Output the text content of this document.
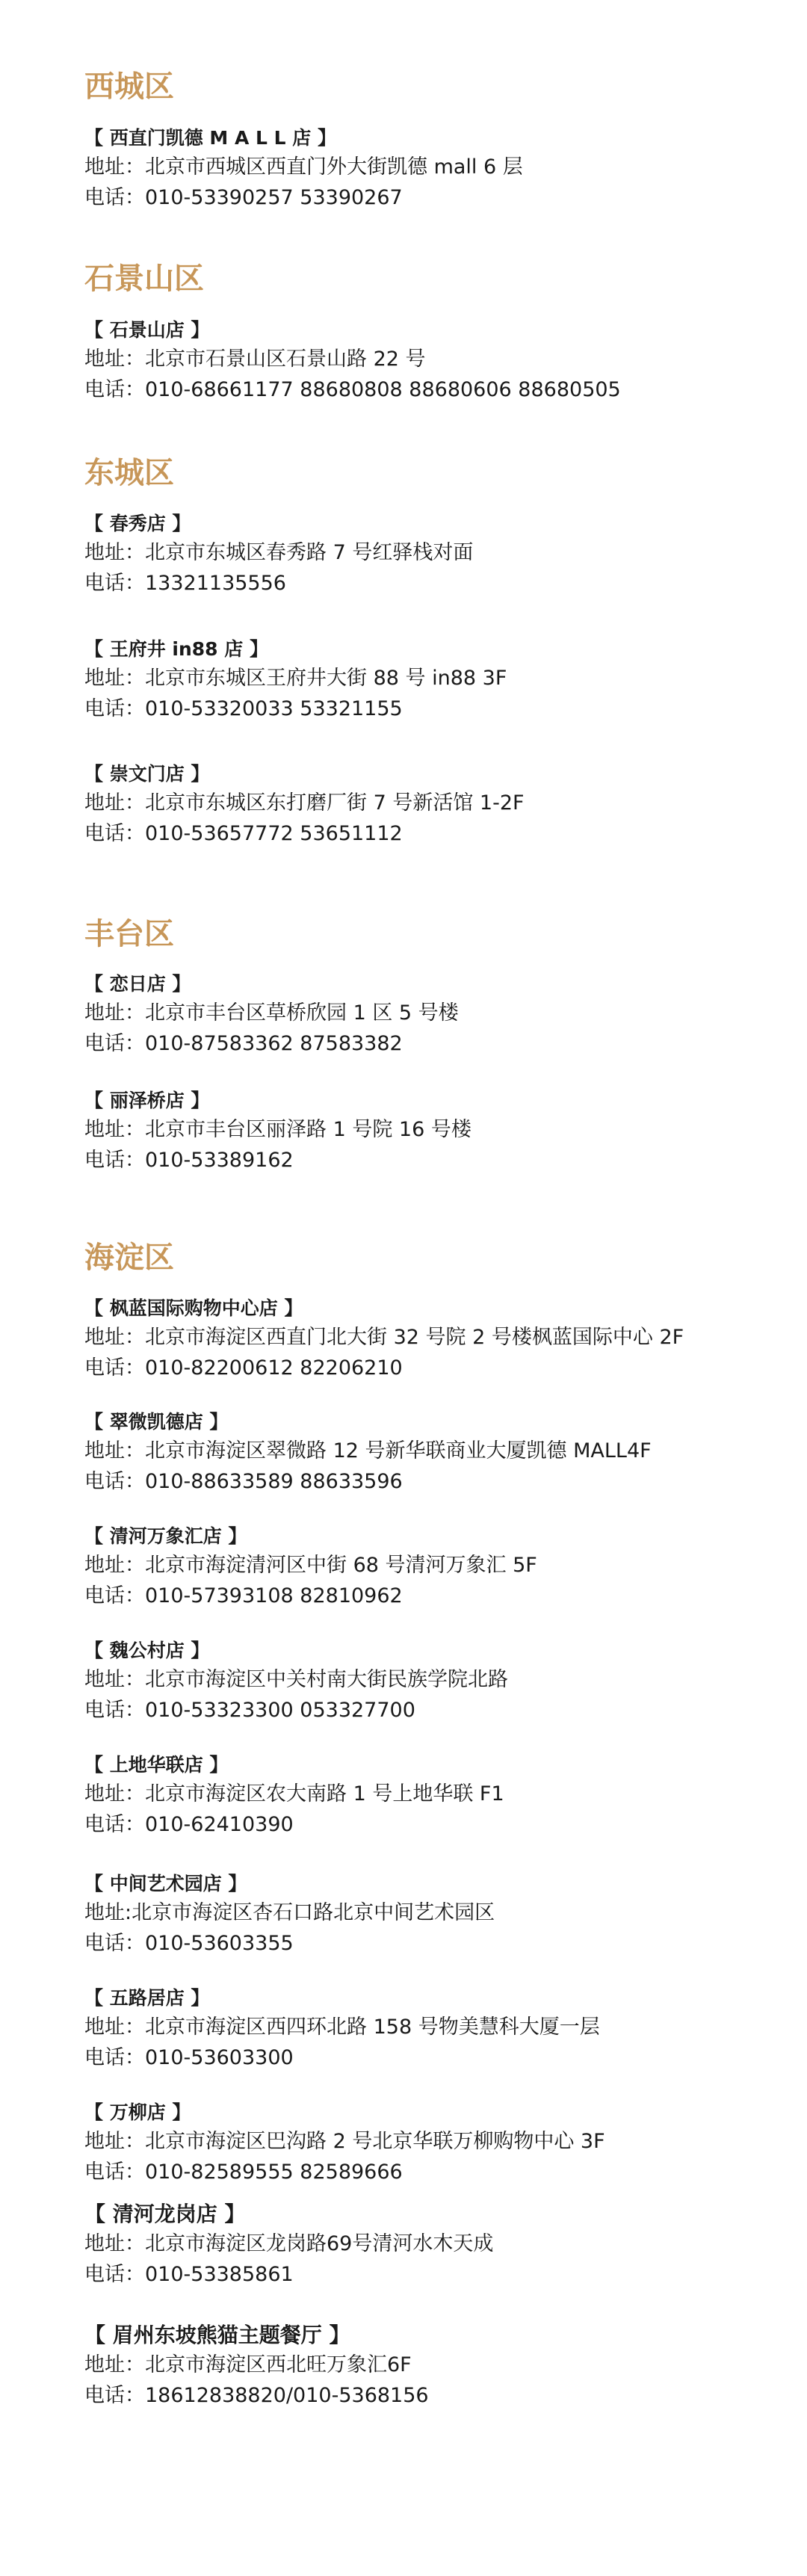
西城区
【 西直门凯德 M A L L 店 】
地址：北京市西城区西直门外大街凯德 mall 6 层
电话：010-53390257 53390267
石景山区
【 石景山店 】
地址：北京市石景山区石景山路 22 号
电话：010-68661177 88680808 88680606 88680505
东城区
【 春秀店 】
地址：北京市东城区春秀路 7 号红驿栈对面
电话：13321135556
【 王府井 in88 店 】
地址：北京市东城区王府井大街 88 号 in88 3F
电话：010-53320033 53321155
【 崇文门店 】
地址：北京市东城区东打磨厂街 7 号新活馆 1-2F
电话：010-53657772 53651112
丰台区
【 恋日店 】
地址：北京市丰台区草桥欣园 1 区 5 号楼
电话：010-87583362 87583382
【 丽泽桥店 】
地址：北京市丰台区丽泽路 1 号院 16 号楼
电话：010-53389162
海淀区
【 枫蓝国际购物中心店 】
地址：北京市海淀区西直门北大街 32 号院 2 号楼枫蓝国际中心 2F
电话：010-82200612 82206210
【 翠微凯德店 】
地址：北京市海淀区翠微路 12 号新华联商业大厦凯德 MALL4F
电话：010-88633589 88633596
【 清河万象汇店 】
地址：北京市海淀清河区中街 68 号清河万象汇 5F
电话：010-57393108 82810962
【 魏公村店 】
地址：北京市海淀区中关村南大街民族学院北路
电话：010-53323300 053327700
【 上地华联店 】
地址：北京市海淀区农大南路 1 号上地华联 F1
电话：010-62410390
【 中间艺术园店 】
地址:北京市海淀区杏石口路北京中间艺术园区
电话：010-53603355
【 五路居店 】
地址：北京市海淀区西四环北路 158 号物美慧科大厦一层
电话：010-53603300
【 万柳店 】
地址：北京市海淀区巴沟路 2 号北京华联万柳购物中心 3F
电话：010-82589555 82589666
【 清河龙岗店 】
地址：北京市海淀区龙岗路69号清河水木天成
电话：010-53385861
【 眉州东坡熊猫主题餐厅 】
地址：北京市海淀区西北旺万象汇6F
电话：18612838820/010-5368156
